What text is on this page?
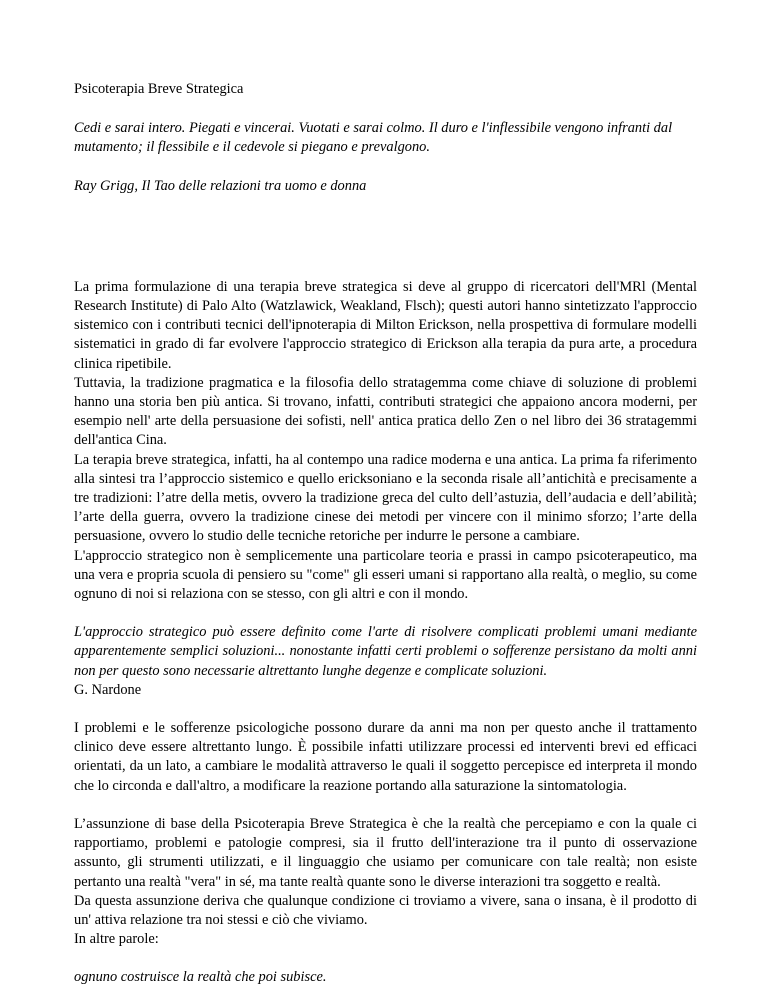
Psicoterapia Breve Strategica

Cedi e sarai intero. Piegati e vincerai. Vuotati e sarai colmo. Il duro e l'inflessibile vengono infranti dal mutamento; il flessibile e il cedevole si piegano e prevalgono.

Ray Grigg, Il Tao delle relazioni tra uomo e donna

La prima formulazione di una terapia breve strategica si deve al gruppo di ricercatori dell'MRl (Mental Research Institute) di Palo Alto (Watzlawick, Weakland, Flsch); questi autori hanno sintetizzato l'approccio sistemico con i contributi tecnici dell'ipnoterapia di Milton Erickson, nella prospettiva di formulare modelli sistematici in grado di far evolvere l'approccio strategico di Erickson alla terapia da pura arte, a procedura clinica ripetibile.

Tuttavia, la tradizione pragmatica e la filosofia dello stratagemma come chiave di soluzione di problemi hanno una storia ben più antica. Si trovano, infatti, contributi strategici che appaiono ancora moderni, per esempio nell' arte della persuasione dei sofisti, nell' antica pratica dello Zen o nel libro dei 36 stratagemmi dell'antica Cina.

La terapia breve strategica, infatti, ha al contempo una radice moderna e una antica. La prima fa riferimento alla sintesi tra l’approccio sistemico e quello ericksoniano e la seconda risale all’antichità e precisamente a tre tradizioni: l’atre della metis, ovvero la tradizione greca del culto dell’astuzia, dell’audacia e dell’abilità; l’arte della guerra, ovvero la tradizione cinese dei metodi per vincere con il minimo sforzo; l’arte della persuasione, ovvero lo studio delle tecniche retoriche per indurre le persone a cambiare.

L'approccio strategico non è semplicemente una particolare teoria e prassi in campo psicoterapeutico, ma una vera e propria scuola di pensiero su "come" gli esseri umani si rapportano alla realtà, o meglio, su come ognuno di noi si relaziona con se stesso, con gli altri e con il mondo.

L'approccio strategico può essere definito come l'arte di risolvere complicati problemi umani mediante apparentemente semplici soluzioni... nonostante infatti certi problemi o sofferenze persistano da molti anni non per questo sono necessarie altrettanto lunghe degenze e complicate soluzioni.

G. Nardone

I problemi e le sofferenze psicologiche possono durare da anni ma non per questo anche il trattamento clinico deve essere altrettanto lungo. È possibile infatti utilizzare processi ed interventi brevi ed efficaci orientati, da un lato, a cambiare le modalità attraverso le quali il soggetto percepisce ed interpreta il mondo che lo circonda e dall'altro, a modificare la reazione portando alla saturazione la sintomatologia.

L’assunzione di base della Psicoterapia Breve Strategica è che la realtà che percepiamo e con la quale ci rapportiamo, problemi e patologie compresi, sia il frutto dell'interazione tra il punto di osservazione assunto, gli strumenti utilizzati, e il linguaggio che usiamo per comunicare con tale realtà; non esiste pertanto una realtà "vera" in sé, ma tante realtà quante sono le diverse interazioni tra soggetto e realtà.

Da questa assunzione deriva che qualunque condizione ci troviamo a vivere, sana o insana, è il prodotto di un' attiva relazione tra noi stessi e ciò che viviamo.

In altre parole:

ognuno costruisce la realtà che poi subisce.
